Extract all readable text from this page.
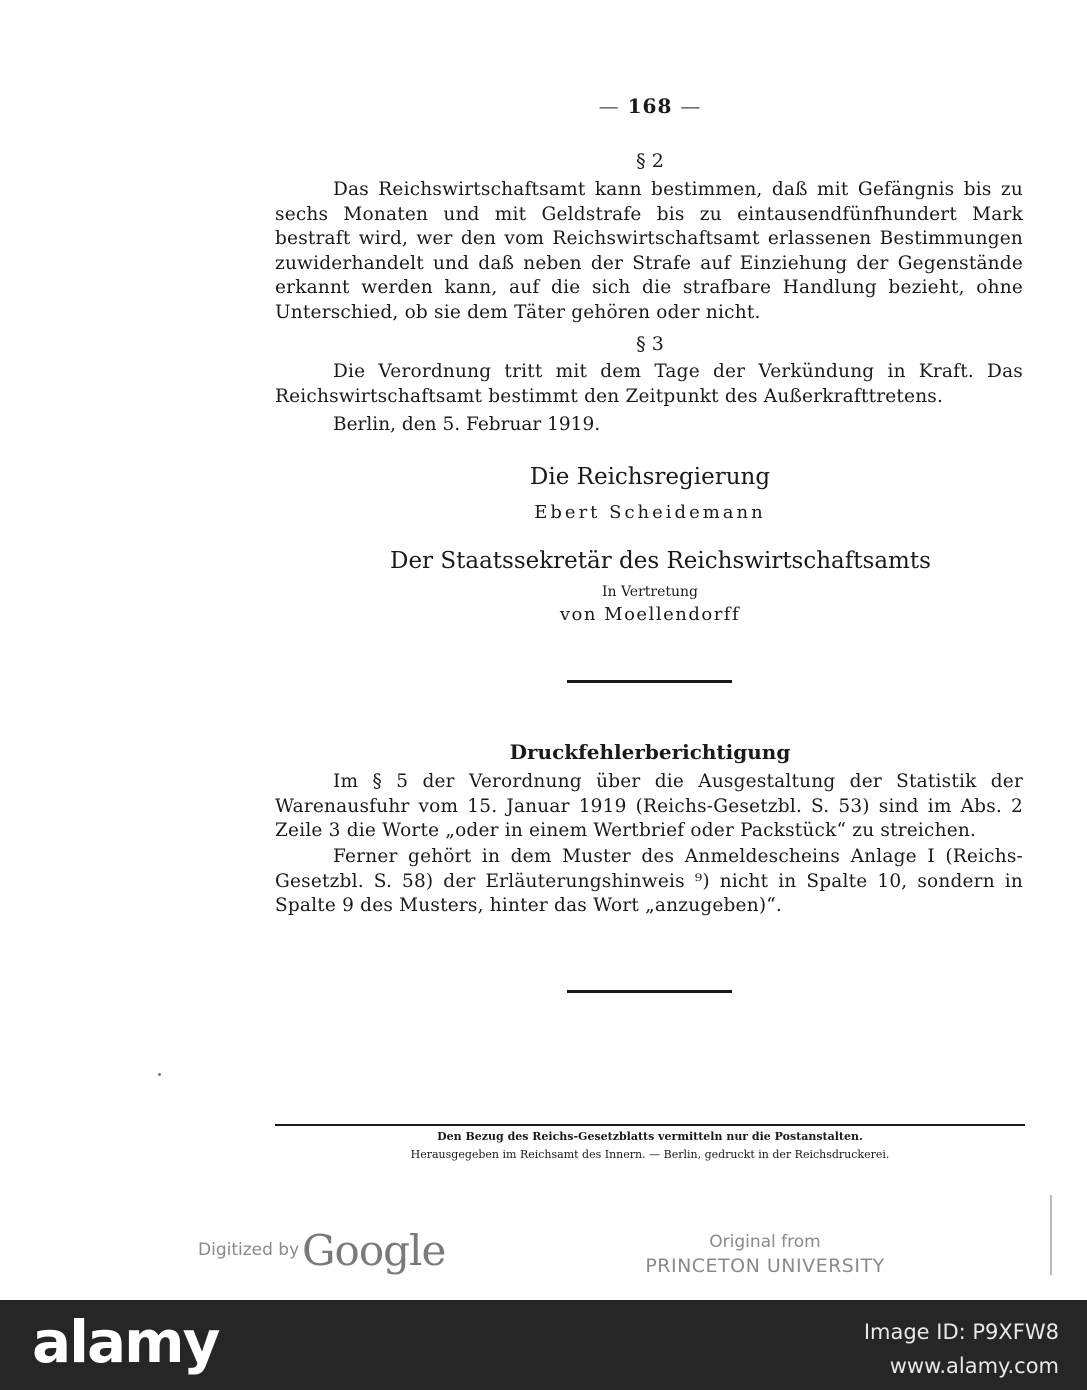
— 168 —
§ 2

Das Reichswirtschaftsamt kann bestimmen, daß mit Gefängnis bis zu sechs Monaten und mit Geldstrafe bis zu eintausendfünfhundert Mark bestraft wird, wer den vom Reichswirtschaftsamt erlassenen Bestimmungen zuwiderhandelt und daß neben der Strafe auf Einziehung der Gegenstände erkannt werden kann, auf die sich die strafbare Handlung bezieht, ohne Unterschied, ob sie dem Täter gehören oder nicht.

§ 3

Die Verordnung tritt mit dem Tage der Verkündung in Kraft. Das Reichswirtschaftsamt bestimmt den Zeitpunkt des Außerkrafttretens.

Berlin, den 5. Februar 1919.
Die Reichsregierung
Ebert Scheidemann
Der Staatssekretär des Reichswirtschaftsamts
In Vertretung
von Moellendorff
Druckfehlerberichtigung

Im § 5 der Verordnung über die Ausgestaltung der Statistik der Warenausfuhr vom 15. Januar 1919 (Reichs-Gesetzbl. S. 53) sind im Abs. 2 Zeile 3 die Worte „oder in einem Wertbrief oder Packstück“ zu streichen.

Ferner gehört in dem Muster des Anmeldescheins Anlage I (Reichs-Gesetzbl. S. 58) der Erläuterungshinweis ⁹) nicht in Spalte 10, sondern in Spalte 9 des Musters, hinter das Wort „anzugeben)“.

Den Bezug des Reichs-Gesetzblatts vermitteln nur die Postanstalten.
Herausgegeben im Reichsamt des Innern. — Berlin, gedruckt in der Reichsdruckerei.
Digitized by Google	Original from
PRINCETON UNIVERSITY
alamy	Image ID: P9XFW8
www.alamy.com
